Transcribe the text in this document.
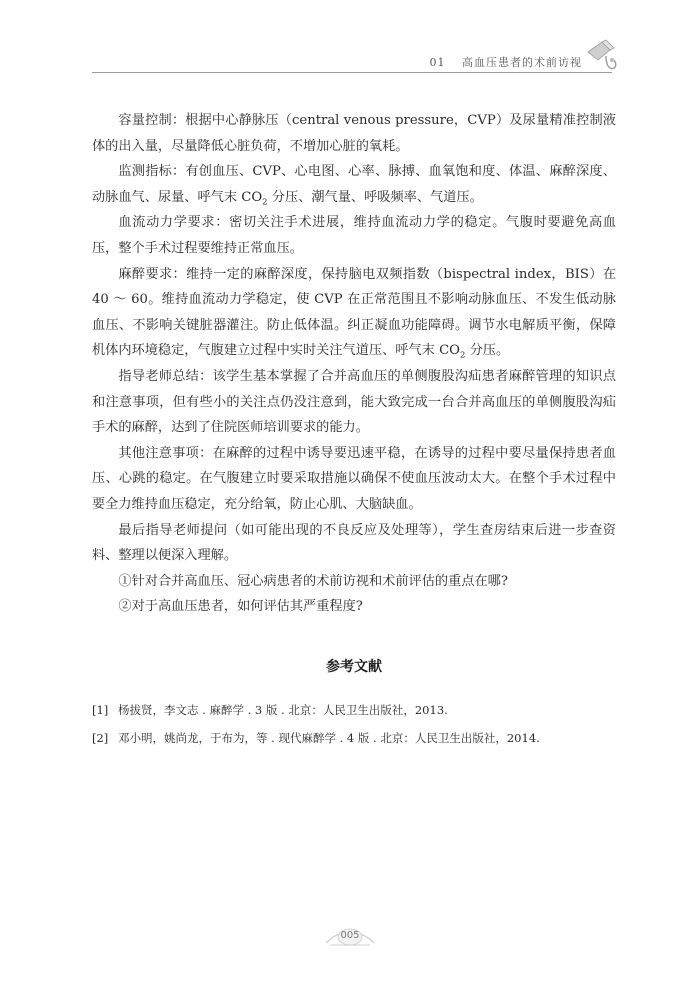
01 高血压患者的术前访视

容量控制：根据中心静脉压（central venous pressure，CVP）及尿量精准控制液体的出入量，尽量降低心脏负荷，不增加心脏的氧耗。

监测指标：有创血压、CVP、心电图、心率、脉搏、血氧饱和度、体温、麻醉深度、动脉血气、尿量、呼气末 $CO_2$ 分压、潮气量、呼吸频率、气道压。

血流动力学要求：密切关注手术进展，维持血流动力学的稳定。气腹时要避免高血压，整个手术过程要维持正常血压。

麻醉要求：维持一定的麻醉深度，保持脑电双频指数（bispectral index，BIS）在 40 ～ 60。维持血流动力学稳定，使 CVP 在正常范围且不影响动脉血压、不发生低动脉血压、不影响关键脏器灌注。防止低体温。纠正凝血功能障碍。调节水电解质平衡，保障机体内环境稳定，气腹建立过程中实时关注气道压、呼气末 $CO_2$ 分压。

指导老师总结：该学生基本掌握了合并高血压的单侧腹股沟疝患者麻醉管理的知识点和注意事项，但有些小的关注点仍没注意到，能大致完成一台合并高血压的单侧腹股沟疝手术的麻醉，达到了住院医师培训要求的能力。

其他注意事项：在麻醉的过程中诱导要迅速平稳，在诱导的过程中要尽量保持患者血压、心跳的稳定。在气腹建立时要采取措施以确保不使血压波动太大。在整个手术过程中要全力维持血压稳定，充分给氧，防止心肌、大脑缺血。

最后指导老师提问（如可能出现的不良反应及处理等），学生查房结束后进一步查资料、整理以便深入理解。

①针对合并高血压、冠心病患者的术前访视和术前评估的重点在哪?

②对于高血压患者，如何评估其严重程度?

参考文献
[1] 杨拔贤，李文志 . 麻醉学 . 3 版 . 北京：人民卫生出版社，2013.
[2] 邓小明，姚尚龙，于布为，等 . 现代麻醉学 . 4 版 . 北京：人民卫生出版社，2014.
005
